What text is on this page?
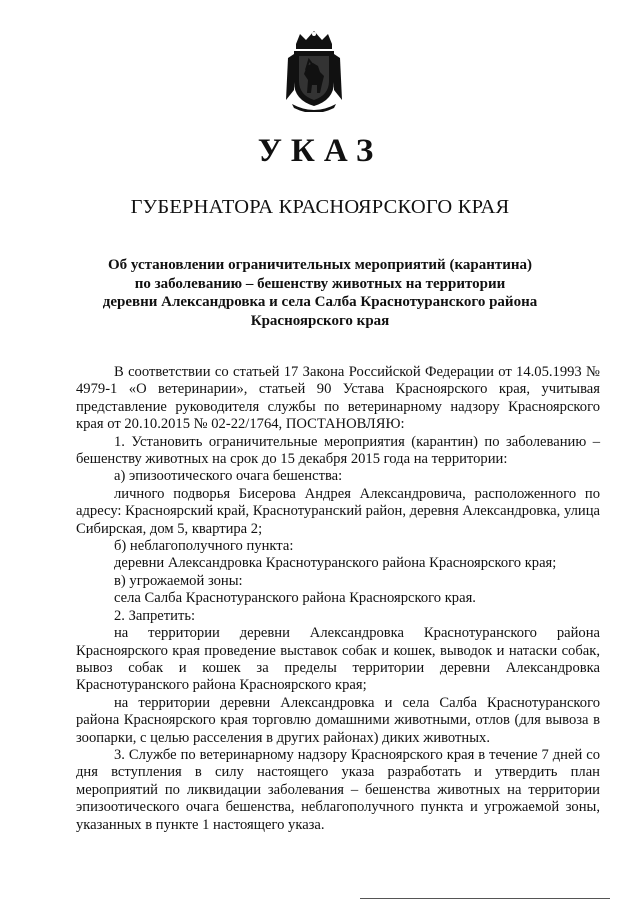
УКАЗ
ГУБЕРНАТОРА КРАСНОЯРСКОГО КРАЯ
Об установлении ограничительных мероприятий (карантина)
по заболеванию – бешенству животных на территории
деревни Александровка и села Салба Краснотуранского района
Красноярского края

В соответствии со статьей 17 Закона Российской Федерации от 14.05.1993 № 4979-1 «О ветеринарии», статьей 90 Устава Красноярского края, учитывая представление руководителя службы по ветеринарному надзору Красноярского края от 20.10.2015 № 02-22/1764, ПОСТАНОВЛЯЮ:

1. Установить ограничительные мероприятия (карантин) по заболеванию – бешенству животных на срок до 15 декабря 2015 года на территории:

а) эпизоотического очага бешенства:

личного подворья Бисерова Андрея Александровича, расположенного по адресу: Красноярский край, Краснотуранский район, деревня Александровка, улица Сибирская, дом 5, квартира 2;

б) неблагополучного пункта:

деревни Александровка Краснотуранского района Красноярского края;

в) угрожаемой зоны:

села Салба Краснотуранского района Красноярского края.

2. Запретить:

на территории деревни Александровка Краснотуранского района Красноярского края проведение выставок собак и кошек, выводок и натаски собак, вывоз собак и кошек за пределы территории деревни Александровка Краснотуранского района Красноярского края;

на территории деревни Александровка и села Салба Краснотуранского района Красноярского края торговлю домашними животными, отлов (для вывоза в зоопарки, с целью расселения в других районах) диких животных.

3. Службе по ветеринарному надзору Красноярского края в течение 7 дней со дня вступления в силу настоящего указа разработать и утвердить план мероприятий по ликвидации заболевания – бешенства животных на территории эпизоотического очага бешенства, неблагополучного пункта и угрожаемой зоны, указанных в пункте 1 настоящего указа.
